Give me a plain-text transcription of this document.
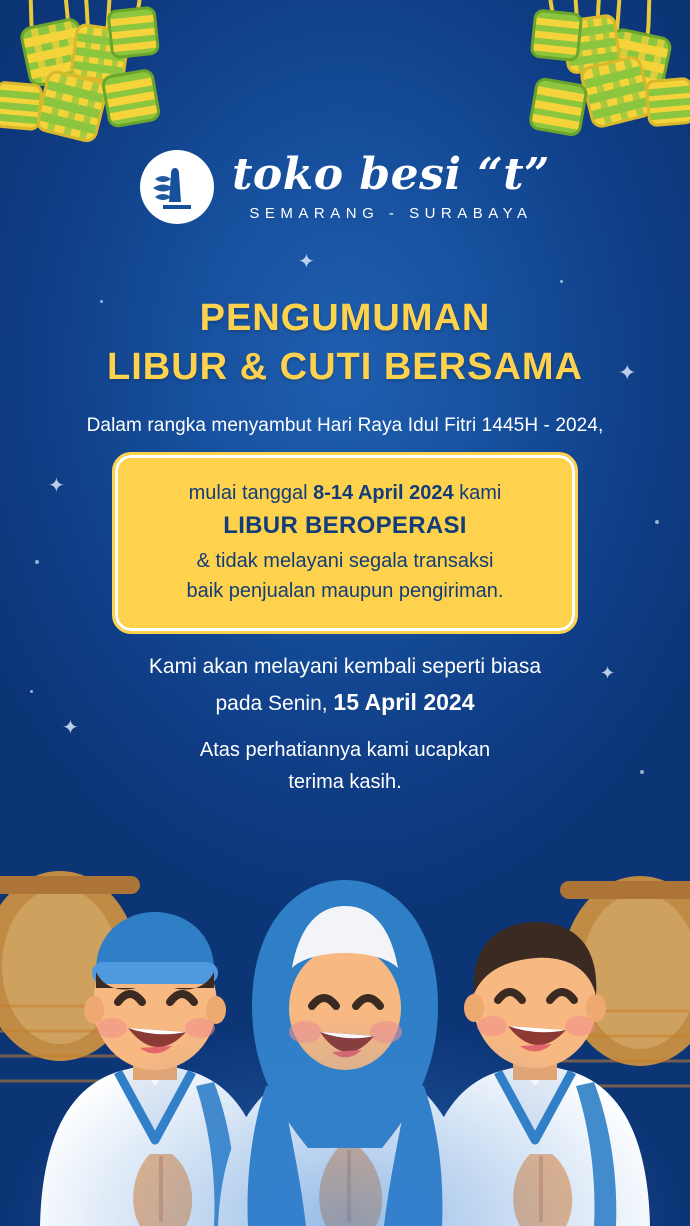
✦
✦
✦
✦
✦
toko besi “t”
SEMARANG - SURABAYA
PENGUMUMAN
LIBUR & CUTI BERSAMA
Dalam rangka menyambut Hari Raya Idul Fitri 1445H - 2024,
mulai tanggal 8-14 April 2024 kami
LIBUR BEROPERASI
& tidak melayani segala transaksi
baik penjualan maupun pengiriman.
Kami akan melayani kembali seperti biasa
pada Senin, 15 April 2024
Atas perhatiannya kami ucapkan
terima kasih.
